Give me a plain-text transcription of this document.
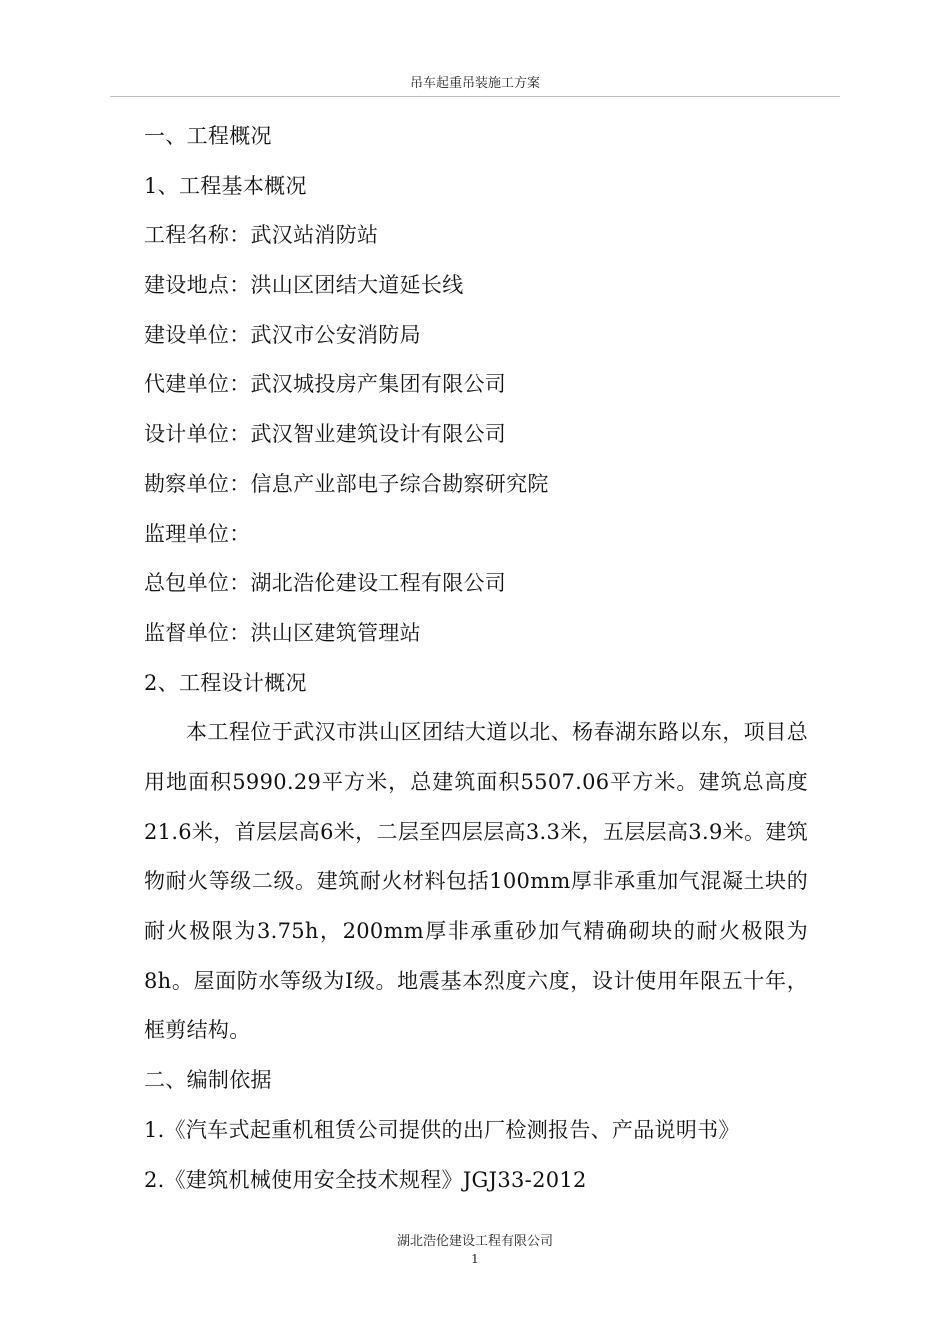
吊车起重吊装施工方案
一、工程概况
1、工程基本概况
工程名称：武汉站消防站
建设地点：洪山区团结大道延长线
建设单位：武汉市公安消防局
代建单位：武汉城投房产集团有限公司
设计单位：武汉智业建筑设计有限公司
勘察单位：信息产业部电子综合勘察研究院
监理单位：
总包单位：湖北浩伦建设工程有限公司
监督单位：洪山区建筑管理站
2、工程设计概况

本工程位于武汉市洪山区团结大道以北、杨春湖东路以东，项目总用地面积5990.29平方米，总建筑面积5507.06平方米。建筑总高度21.6米，首层层高6米，二层至四层层高3.3米，五层层高3.9米。建筑物耐火等级二级。建筑耐火材料包括100mm厚非承重加气混凝土块的耐火极限为3.75h，200mm厚非承重砂加气精确砌块的耐火极限为8h。屋面防水等级为Ⅰ级。地震基本烈度六度，设计使用年限五十年，框剪结构。

二、编制依据
1.《汽车式起重机租赁公司提供的出厂检测报告、产品说明书》
2.《建筑机械使用安全技术规程》JGJ33-2012
湖北浩伦建设工程有限公司
1
